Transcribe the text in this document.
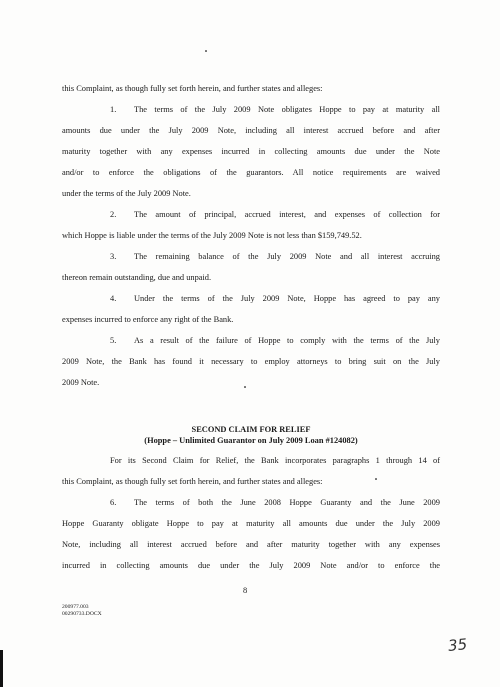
this Complaint, as though fully set forth herein, and further states and alleges:
1. The terms of the July 2009 Note obligates Hoppe to pay at maturity all
amounts due under the July 2009 Note, including all interest accrued before and after
maturity together with any expenses incurred in collecting amounts due under the Note
and/or to enforce the obligations of the guarantors. All notice requirements are waived
under the terms of the July 2009 Note.
2. The amount of principal, accrued interest, and expenses of collection for
which Hoppe is liable under the terms of the July 2009 Note is not less than $159,749.52.
3. The remaining balance of the July 2009 Note and all interest accruing
thereon remain outstanding, due and unpaid.
4. Under the terms of the July 2009 Note, Hoppe has agreed to pay any
expenses incurred to enforce any right of the Bank.
5. As a result of the failure of Hoppe to comply with the terms of the July
2009 Note, the Bank has found it necessary to employ attorneys to bring suit on the July
2009 Note.
SECOND CLAIM FOR RELIEF
(Hoppe – Unlimited Guarantor on July 2009 Loan #124082)
For its Second Claim for Relief, the Bank incorporates paragraphs 1 through 14 of
this Complaint, as though fully set forth herein, and further states and alleges:
6. The terms of both the June 2008 Hoppe Guaranty and the June 2009
Hoppe Guaranty obligate Hoppe to pay at maturity all amounts due under the July 2009
Note, including all interest accrued before and after maturity together with any expenses
incurred in collecting amounts due under the July 2009 Note and/or to enforce the
8
200977.003
00290733.DOCX
35
